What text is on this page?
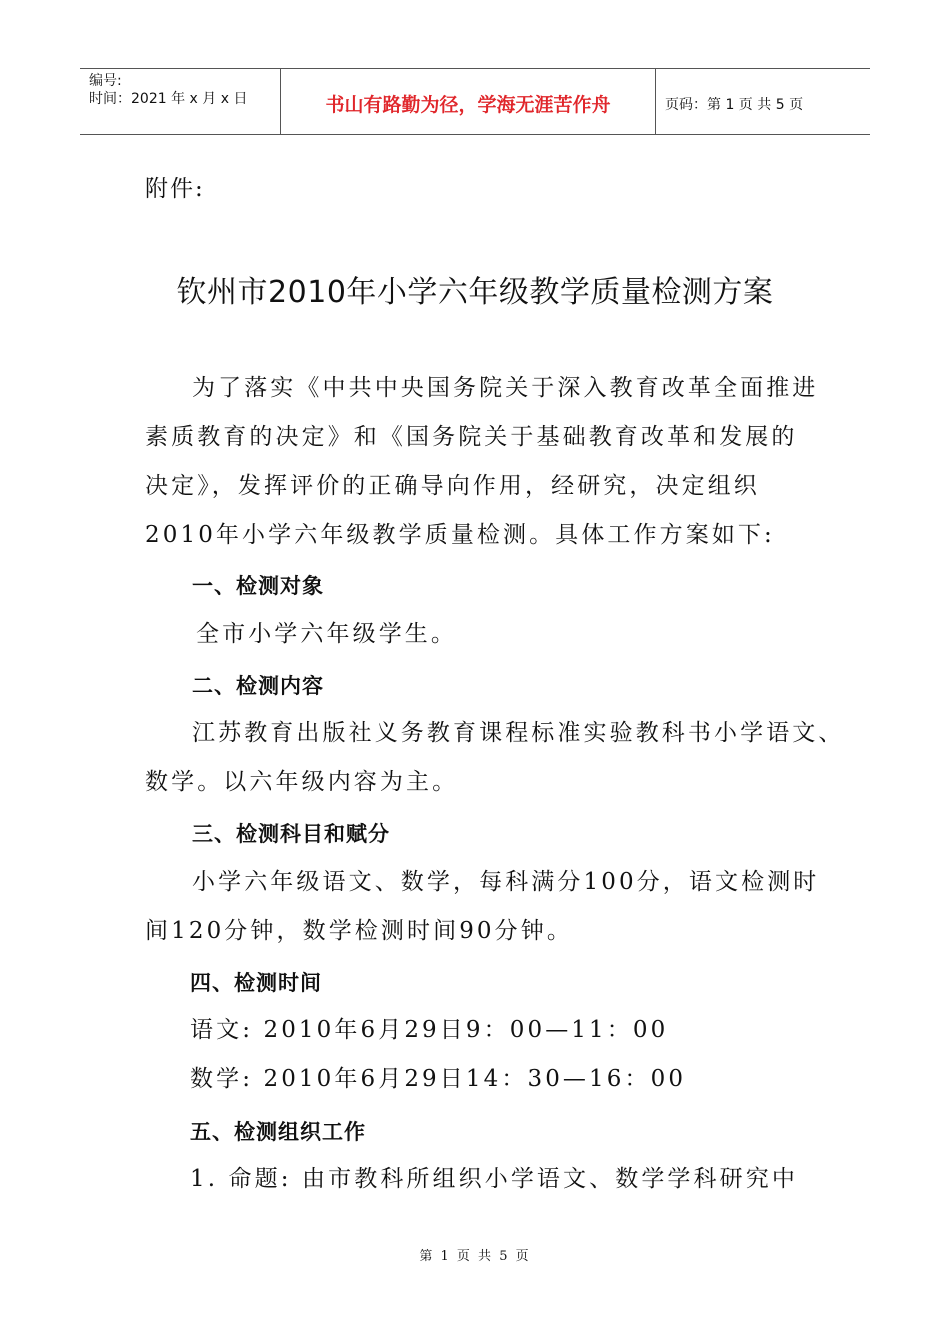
编号:
时间：2021 年 x 月 x 日	书山有路勤为径，学海无涯苦作舟	页码：第 1 页 共 5 页
附件:
钦州市2010年小学六年级教学质量检测方案

为了落实《中共中央国务院关于深入教育改革全面推进

素质教育的决定》和《国务院关于基础教育改革和发展的

决定》，发挥评价的正确导向作用，经研究，决定组织

2010年小学六年级教学质量检测。具体工作方案如下:

一、检测对象

全市小学六年级学生。

二、检测内容

江苏教育出版社义务教育课程标准实验教科书小学语文、

数学。以六年级内容为主。

三、检测科目和赋分

小学六年级语文、数学，每科满分100分，语文检测时

间120分钟，数学检测时间90分钟。

四、检测时间

语文: 2010年6月29日9：00—11：00

数学: 2010年6月29日14：30—16：00

五、检测组织工作

1. 命题: 由市教科所组织小学语文、数学学科研究中

第 1 页 共 5 页
